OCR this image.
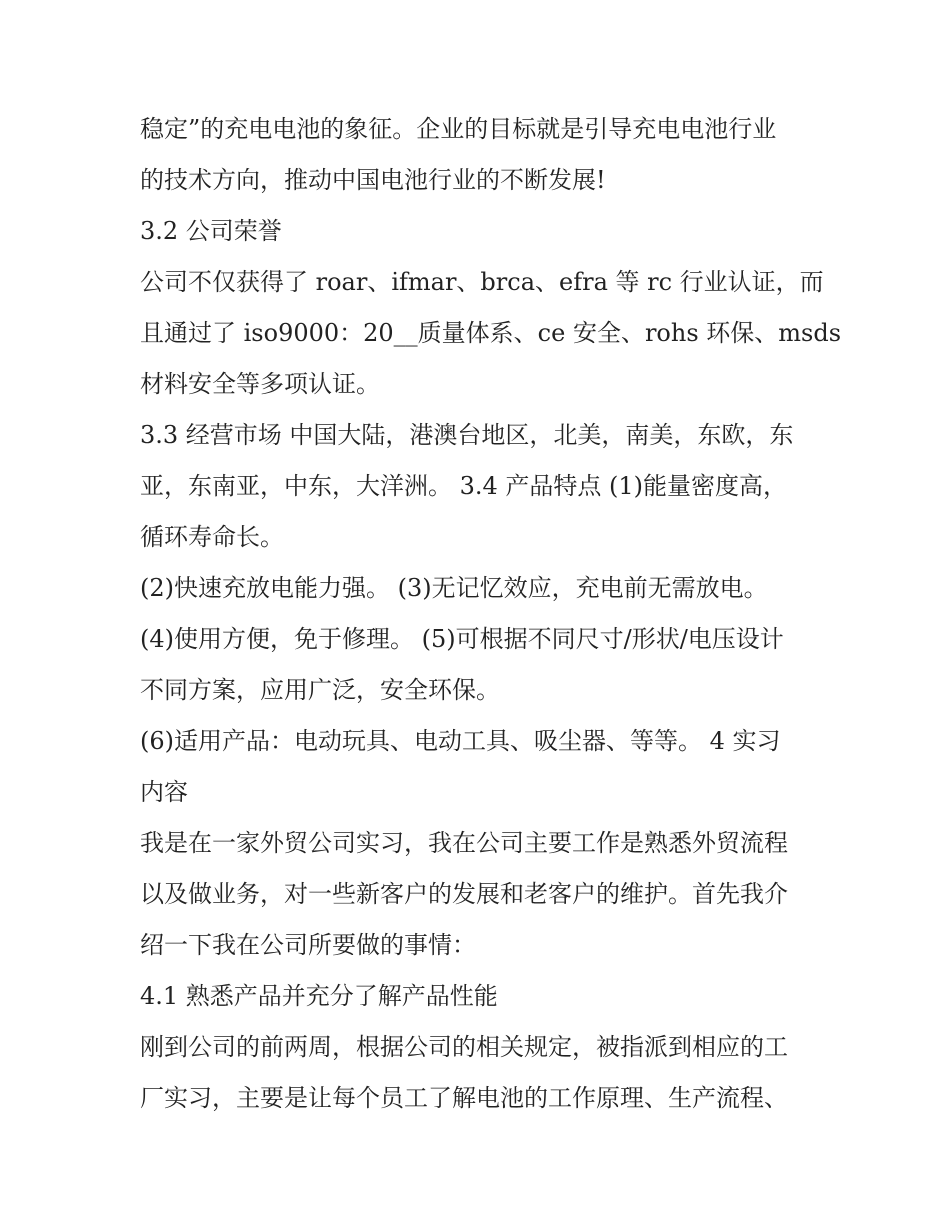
稳定”的充电电池的象征。企业的目标就是引导充电电池行业
的技术方向，推动中国电池行业的不断发展!
3.2 公司荣誉
公司不仅获得了 roar、ifmar、brca、efra 等 rc 行业认证，而
且通过了 iso9000：20__质量体系、ce 安全、rohs 环保、msds
材料安全等多项认证。
3.3 经营市场 中国大陆，港澳台地区，北美，南美，东欧，东
亚，东南亚，中东，大洋洲。 3.4 产品特点 (1)能量密度高，
循环寿命长。
(2)快速充放电能力强。 (3)无记忆效应，充电前无需放电。
(4)使用方便，免于修理。 (5)可根据不同尺寸/形状/电压设计
不同方案，应用广泛，安全环保。
(6)适用产品：电动玩具、电动工具、吸尘器、等等。 4 实习
内容
我是在一家外贸公司实习，我在公司主要工作是熟悉外贸流程
以及做业务，对一些新客户的发展和老客户的维护。首先我介
绍一下我在公司所要做的事情：
4.1 熟悉产品并充分了解产品性能
刚到公司的前两周，根据公司的相关规定，被指派到相应的工
厂实习，主要是让每个员工了解电池的工作原理、生产流程、
